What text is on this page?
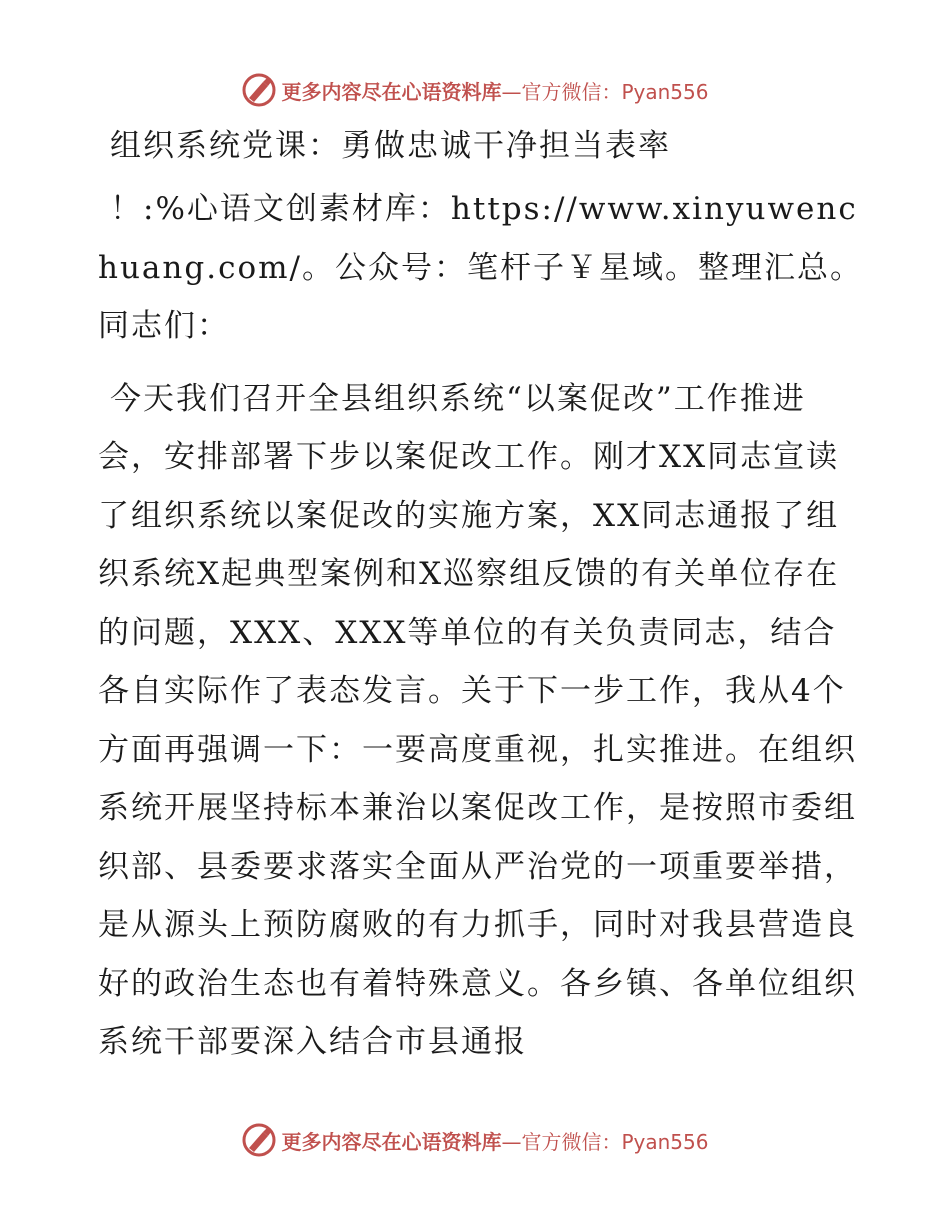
更多内容尽在心语资料库 —官方微信：Pyan556
组织系统党课：勇做忠诚干净担当表率

！:%心语文创素材库：https://www.xinyuwenchuang.com/。公众号：笔杆子￥星域。整理汇总。同志们：

今天我们召开全县组织系统“以案促改”工作推进会，安排部署下步以案促改工作。刚才XX同志宣读了组织系统以案促改的实施方案，XX同志通报了组织系统X起典型案例和X巡察组反馈的有关单位存在的问题，XXX、XXX等单位的有关负责同志，结合各自实际作了表态发言。关于下一步工作，我从4个方面再强调一下：一要高度重视，扎实推进。在组织系统开展坚持标本兼治以案促改工作，是按照市委组织部、县委要求落实全面从严治党的一项重要举措，是从源头上预防腐败的有力抓手，同时对我县营造良好的政治生态也有着特殊意义。各乡镇、各单位组织系统干部要深入结合市县通报

更多内容尽在心语资料库 —官方微信：Pyan556
